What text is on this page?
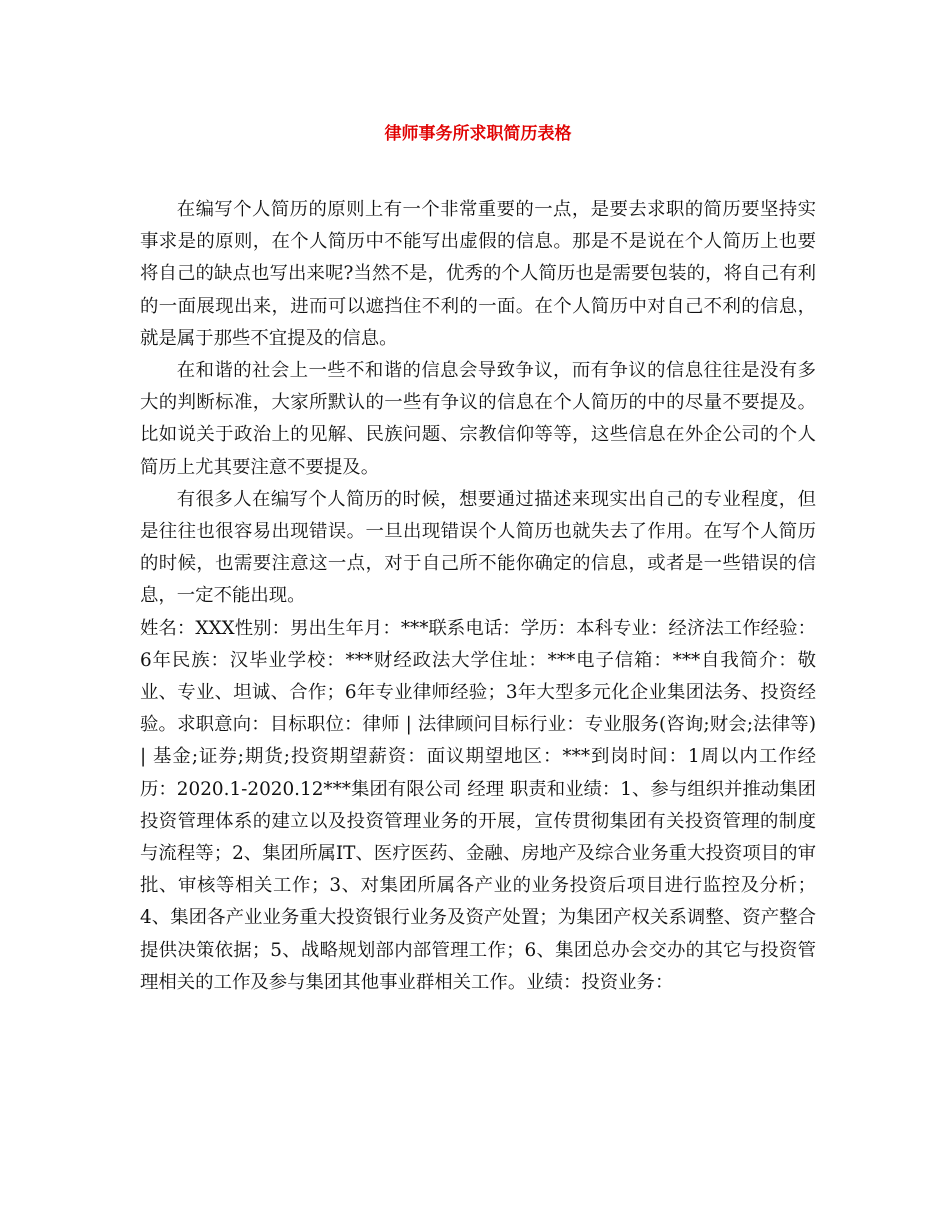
律师事务所求职简历表格

在编写个人简历的原则上有一个非常重要的一点，是要去求职的简历要坚持实事求是的原则，在个人简历中不能写出虚假的信息。那是不是说在个人简历上也要将自己的缺点也写出来呢?当然不是，优秀的个人简历也是需要包装的，将自己有利的一面展现出来，进而可以遮挡住不利的一面。在个人简历中对自己不利的信息，就是属于那些不宜提及的信息。

在和谐的社会上一些不和谐的信息会导致争议，而有争议的信息往往是没有多大的判断标准，大家所默认的一些有争议的信息在个人简历的中的尽量不要提及。比如说关于政治上的见解、民族问题、宗教信仰等等，这些信息在外企公司的个人简历上尤其要注意不要提及。

有很多人在编写个人简历的时候，想要通过描述来现实出自己的专业程度，但是往往也很容易出现错误。一旦出现错误个人简历也就失去了作用。在写个人简历的时候，也需要注意这一点，对于自己所不能你确定的信息，或者是一些错误的信息，一定不能出现。

姓名：XXX性别：男出生年月：***联系电话：学历：本科专业：经济法工作经验：6年民族：汉毕业学校：***财经政法大学住址：***电子信箱：***自我简介：敬业、专业、坦诚、合作；6年专业律师经验；3年大型多元化企业集团法务、投资经验。求职意向：目标职位：律师 | 法律顾问目标行业：专业服务(咨询;财会;法律等) | 基金;证券;期货;投资期望薪资：面议期望地区：***到岗时间：1周以内工作经历：2020.1-2020.12***集团有限公司 经理 职责和业绩：1、参与组织并推动集团投资管理体系的建立以及投资管理业务的开展，宣传贯彻集团有关投资管理的制度与流程等；2、集团所属IT、医疗医药、金融、房地产及综合业务重大投资项目的审批、审核等相关工作；3、对集团所属各产业的业务投资后项目进行监控及分析；4、集团各产业业务重大投资银行业务及资产处置；为集团产权关系调整、资产整合提供决策依据；5、战略规划部内部管理工作；6、集团总办会交办的其它与投资管理相关的工作及参与集团其他事业群相关工作。业绩：投资业务：
